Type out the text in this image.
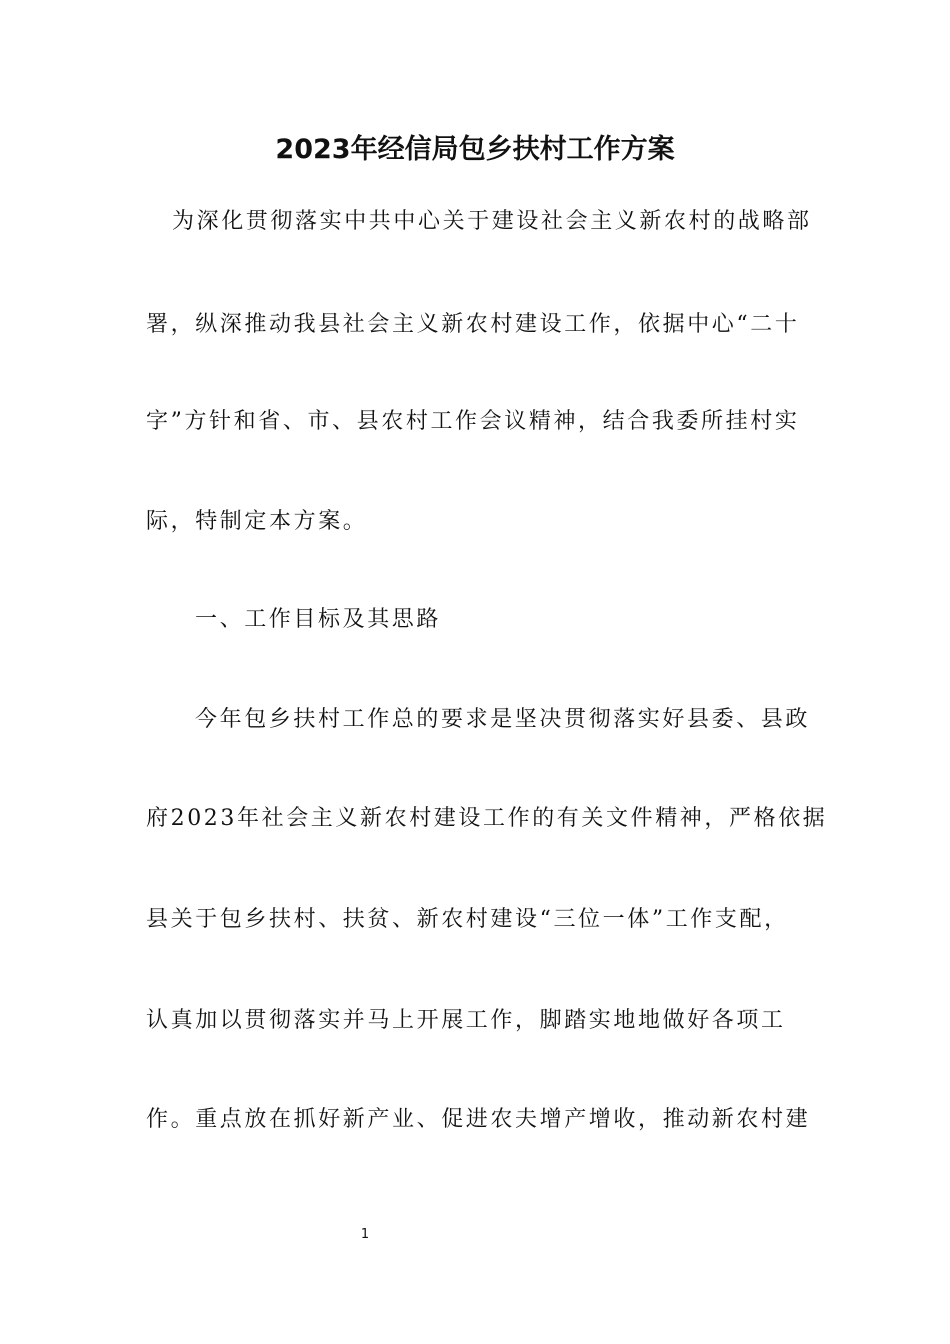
2023年经信局包乡扶村工作方案
为深化贯彻落实中共中心关于建设社会主义新农村的战略部
署，纵深推动我县社会主义新农村建设工作，依据中心“二十
字”方针和省、市、县农村工作会议精神，结合我委所挂村实
际，特制定本方案。
一、工作目标及其思路
今年包乡扶村工作总的要求是坚决贯彻落实好县委、县政
府2023年社会主义新农村建设工作的有关文件精神，严格依据
县关于包乡扶村、扶贫、新农村建设“三位一体”工作支配，
认真加以贯彻落实并马上开展工作，脚踏实地地做好各项工
作。重点放在抓好新产业、促进农夫增产增收，推动新农村建
1
